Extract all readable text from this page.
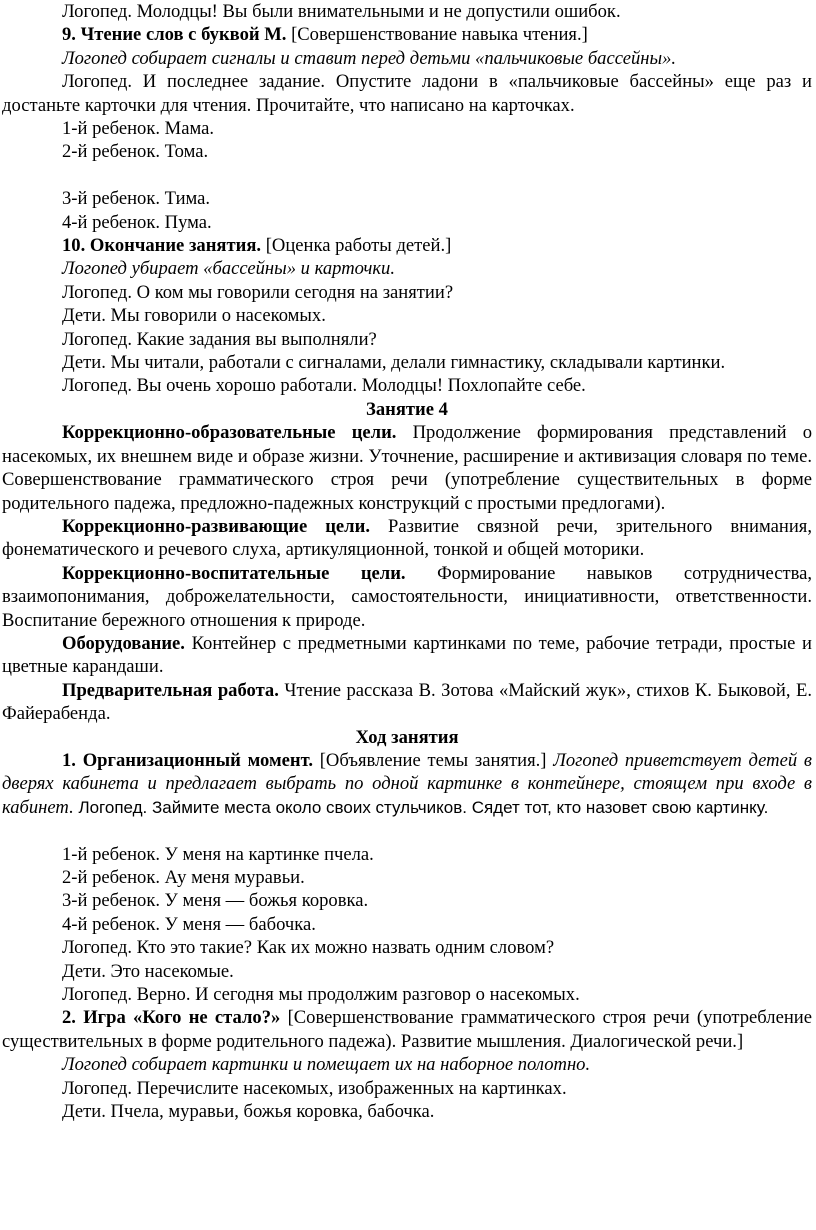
Логопед. Молодцы! Вы были внимательными и не допустили ошибок.

9. Чтение слов с буквой М. [Совершенствование навыка чтения.]

Логопед собирает сигналы и ставит перед детьми «пальчиковые бассейны».

Логопед. И последнее задание. Опустите ладони в «пальчиковые бассейны» еще раз и достаньте карточки для чтения. Прочитайте, что написано на карточках.

1-й ребенок. Мама.

2-й ребенок. Тома.

3-й ребенок. Тима.

4-й ребенок. Пума.

10. Окончание занятия. [Оценка работы детей.]

Логопед убирает «бассейны» и карточки.

Логопед. О ком мы говорили сегодня на занятии?

Дети. Мы говорили о насекомых.

Логопед. Какие задания вы выполняли?

Дети. Мы читали, работали с сигналами, делали гимнастику, складывали картинки.

Логопед. Вы очень хорошо работали. Молодцы! Похлопайте себе.

Занятие 4

Коррекционно-образовательные цели. Продолжение формирования представлений о насекомых, их внешнем виде и образе жизни. Уточнение, расширение и активизация словаря по теме. Совершенствование грамматического строя речи (употребление существительных в форме родительного падежа, предложно-падежных конструкций с простыми предлогами).

Коррекционно-развивающие цели. Развитие связной речи, зрительного внимания, фонематического и речевого слуха, артикуляционной, тонкой и общей моторики.

Коррекционно-воспитательные цели. Формирование навыков сотрудничества, взаимопонимания, доброжелательности, самостоятельности, инициативности, ответственности. Воспитание бережного отношения к природе.

Оборудование. Контейнер с предметными картинками по теме, рабочие тетради, простые и цветные карандаши.

Предварительная работа. Чтение рассказа В. Зотова «Майский жук», стихов К. Быковой, Е. Файерабенда.

Ход занятия

1. Организационный момент. [Объявление темы занятия.] Логопед приветствует детей в дверях кабинета и предлагает выбрать по одной картинке в контейнере, стоящем при входе в кабинет. Логопед. Займите места около своих стульчиков. Сядет тот, кто назовет свою картинку.

1-й ребенок. У меня на картинке пчела.

2-й ребенок. Ау меня муравьи.

3-й ребенок. У меня — божья коровка.

4-й ребенок. У меня — бабочка.

Логопед. Кто это такие? Как их можно назвать одним словом?

Дети. Это насекомые.

Логопед. Верно. И сегодня мы продолжим разговор о насекомых.

2. Игра «Кого не стало?» [Совершенствование грамматического строя речи (употребление существительных в форме родительного падежа). Развитие мышления. Диалогической речи.]

Логопед собирает картинки и помещает их на наборное полотно.

Логопед. Перечислите насекомых, изображенных на картинках.

Дети. Пчела, муравьи, божья коровка, бабочка.
